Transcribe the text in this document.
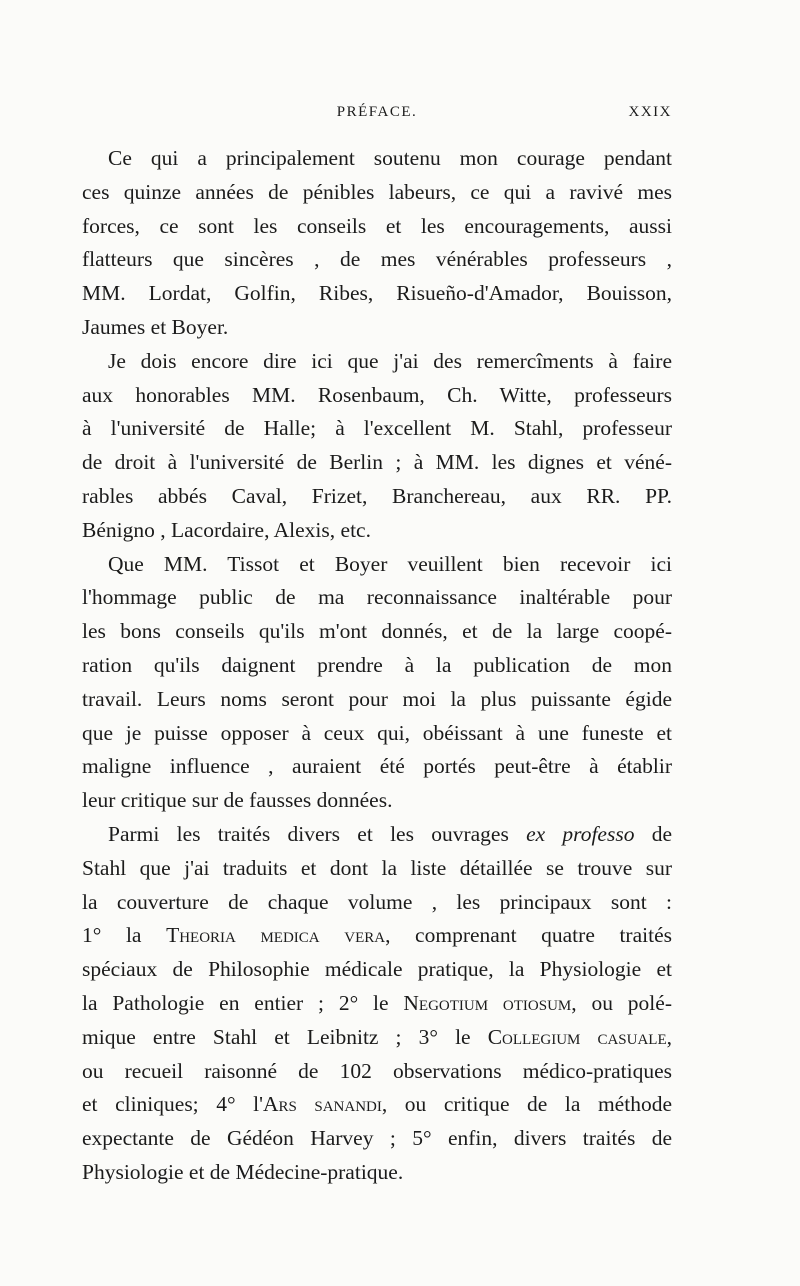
PRÉFACE.	XXIX
Ce qui a principalement soutenu mon courage pendant
ces quinze années de pénibles labeurs, ce qui a ravivé mes
forces, ce sont les conseils et les encouragements, aussi
flatteurs que sincères , de mes vénérables professeurs ,
MM. Lordat, Golfin, Ribes, Risueño-d'Amador, Bouisson,
Jaumes et Boyer.
Je dois encore dire ici que j'ai des remercîments à faire
aux honorables MM. Rosenbaum, Ch. Witte, professeurs
à l'université de Halle; à l'excellent M. Stahl, professeur
de droit à l'université de Berlin ; à MM. les dignes et véné-
rables abbés Caval, Frizet, Branchereau, aux RR. PP.
Bénigno , Lacordaire, Alexis, etc.
Que MM. Tissot et Boyer veuillent bien recevoir ici
l'hommage public de ma reconnaissance inaltérable pour
les bons conseils qu'ils m'ont donnés, et de la large coopé-
ration qu'ils daignent prendre à la publication de mon
travail. Leurs noms seront pour moi la plus puissante égide
que je puisse opposer à ceux qui, obéissant à une funeste et
maligne influence , auraient été portés peut-être à établir
leur critique sur de fausses données.
Parmi les traités divers et les ouvrages ex professo de
Stahl que j'ai traduits et dont la liste détaillée se trouve sur
la couverture de chaque volume , les principaux sont :
1° la Theoria medica vera, comprenant quatre traités
spéciaux de Philosophie médicale pratique, la Physiologie et
la Pathologie en entier ; 2° le Negotium otiosum, ou polé-
mique entre Stahl et Leibnitz ; 3° le Collegium casuale,
ou recueil raisonné de 102 observations médico-pratiques
et cliniques; 4° l'Ars sanandi, ou critique de la méthode
expectante de Gédéon Harvey ; 5° enfin, divers traités de
Physiologie et de Médecine-pratique.
